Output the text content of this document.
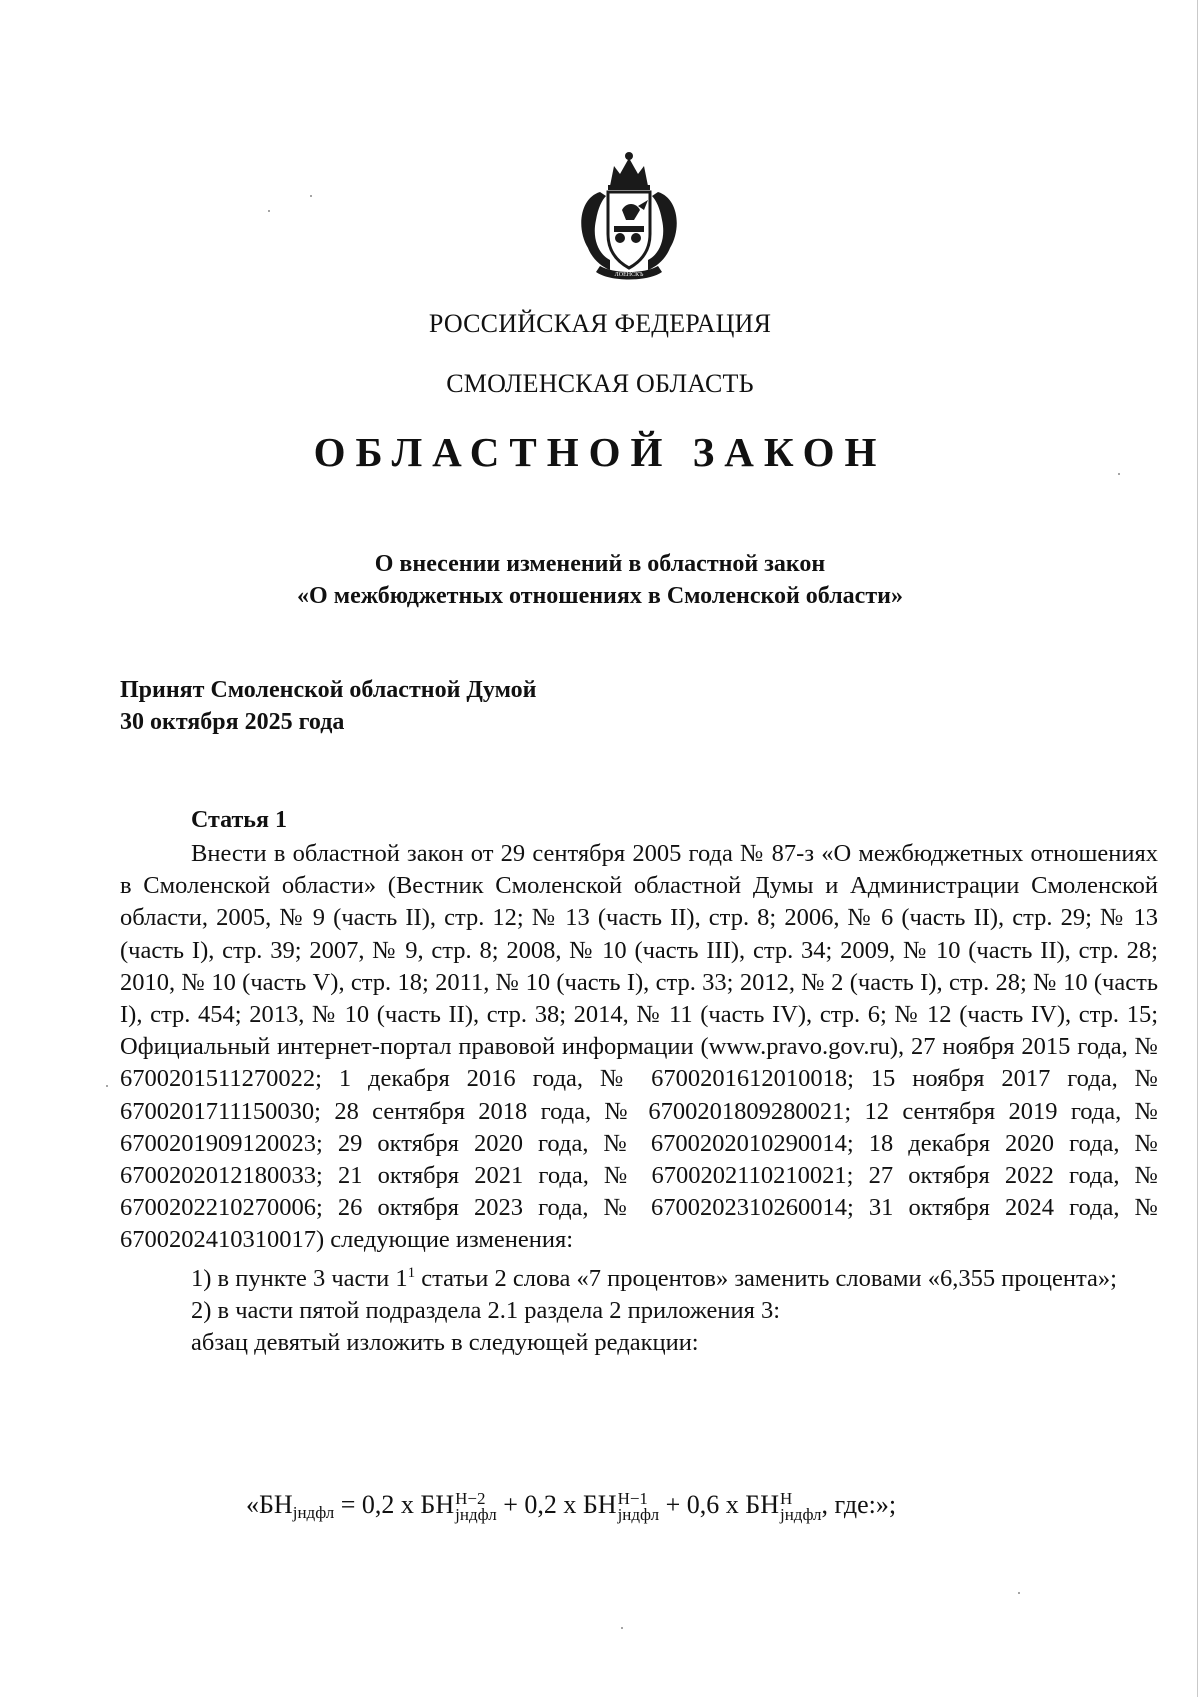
ЛОЕНСКЪ
РОССИЙСКАЯ ФЕДЕРАЦИЯ
СМОЛЕНСКАЯ ОБЛАСТЬ
ОБЛАСТНОЙ ЗАКОН
О внесении изменений в областной закон
«О межбюджетных отношениях в Смоленской области»
Принят Смоленской областной Думой
30 октября 2025 года
Статья 1

Внести в областной закон от 29 сентября 2005 года № 87-з «О межбюджетных отношениях в Смоленской области» (Вестник Смоленской областной Думы и Администрации Смоленской области, 2005, № 9 (часть II), стр. 12; № 13 (часть II), стр. 8; 2006, № 6 (часть II), стр. 29; № 13 (часть I), стр. 39; 2007, № 9, стр. 8; 2008, № 10 (часть III), стр. 34; 2009, № 10 (часть II), стр. 28; 2010, № 10 (часть V), стр. 18; 2011, № 10 (часть I), стр. 33; 2012, № 2 (часть I), стр. 28; № 10 (часть I), стр. 454; 2013, № 10 (часть II), стр. 38; 2014, № 11 (часть IV), стр. 6; № 12 (часть IV), стр. 15; Официальный интернет-портал правовой информации (www.pravo.gov.ru), 27 ноября 2015 года, № 6700201511270022; 1 декабря 2016 года, № 6700201612010018; 15 ноября 2017 года, № 6700201711150030; 28 сентября 2018 года, № 6700201809280021; 12 сентября 2019 года, № 6700201909120023; 29 октября 2020 года, № 6700202010290014; 18 декабря 2020 года, № 6700202012180033; 21 октября 2021 года, № 6700202110210021; 27 октября 2022 года, № 6700202210270006; 26 октября 2023 года, № 6700202310260014; 31 октября 2024 года, № 6700202410310017) следующие изменения:

1) в пункте 3 части $1^1$ статьи 2 слова «7 процентов» заменить словами «6,355 процента»;

2) в части пятой подраздела 2.1 раздела 2 приложения 3:

абзац девятый изложить в следующей редакции:

«$БН_{jндфл} = 0,2$ x БН Н−2
jндфл + 0,2 x БН Н−1
jндфл + 0,6 x БН Н
jндфл , где:»;
